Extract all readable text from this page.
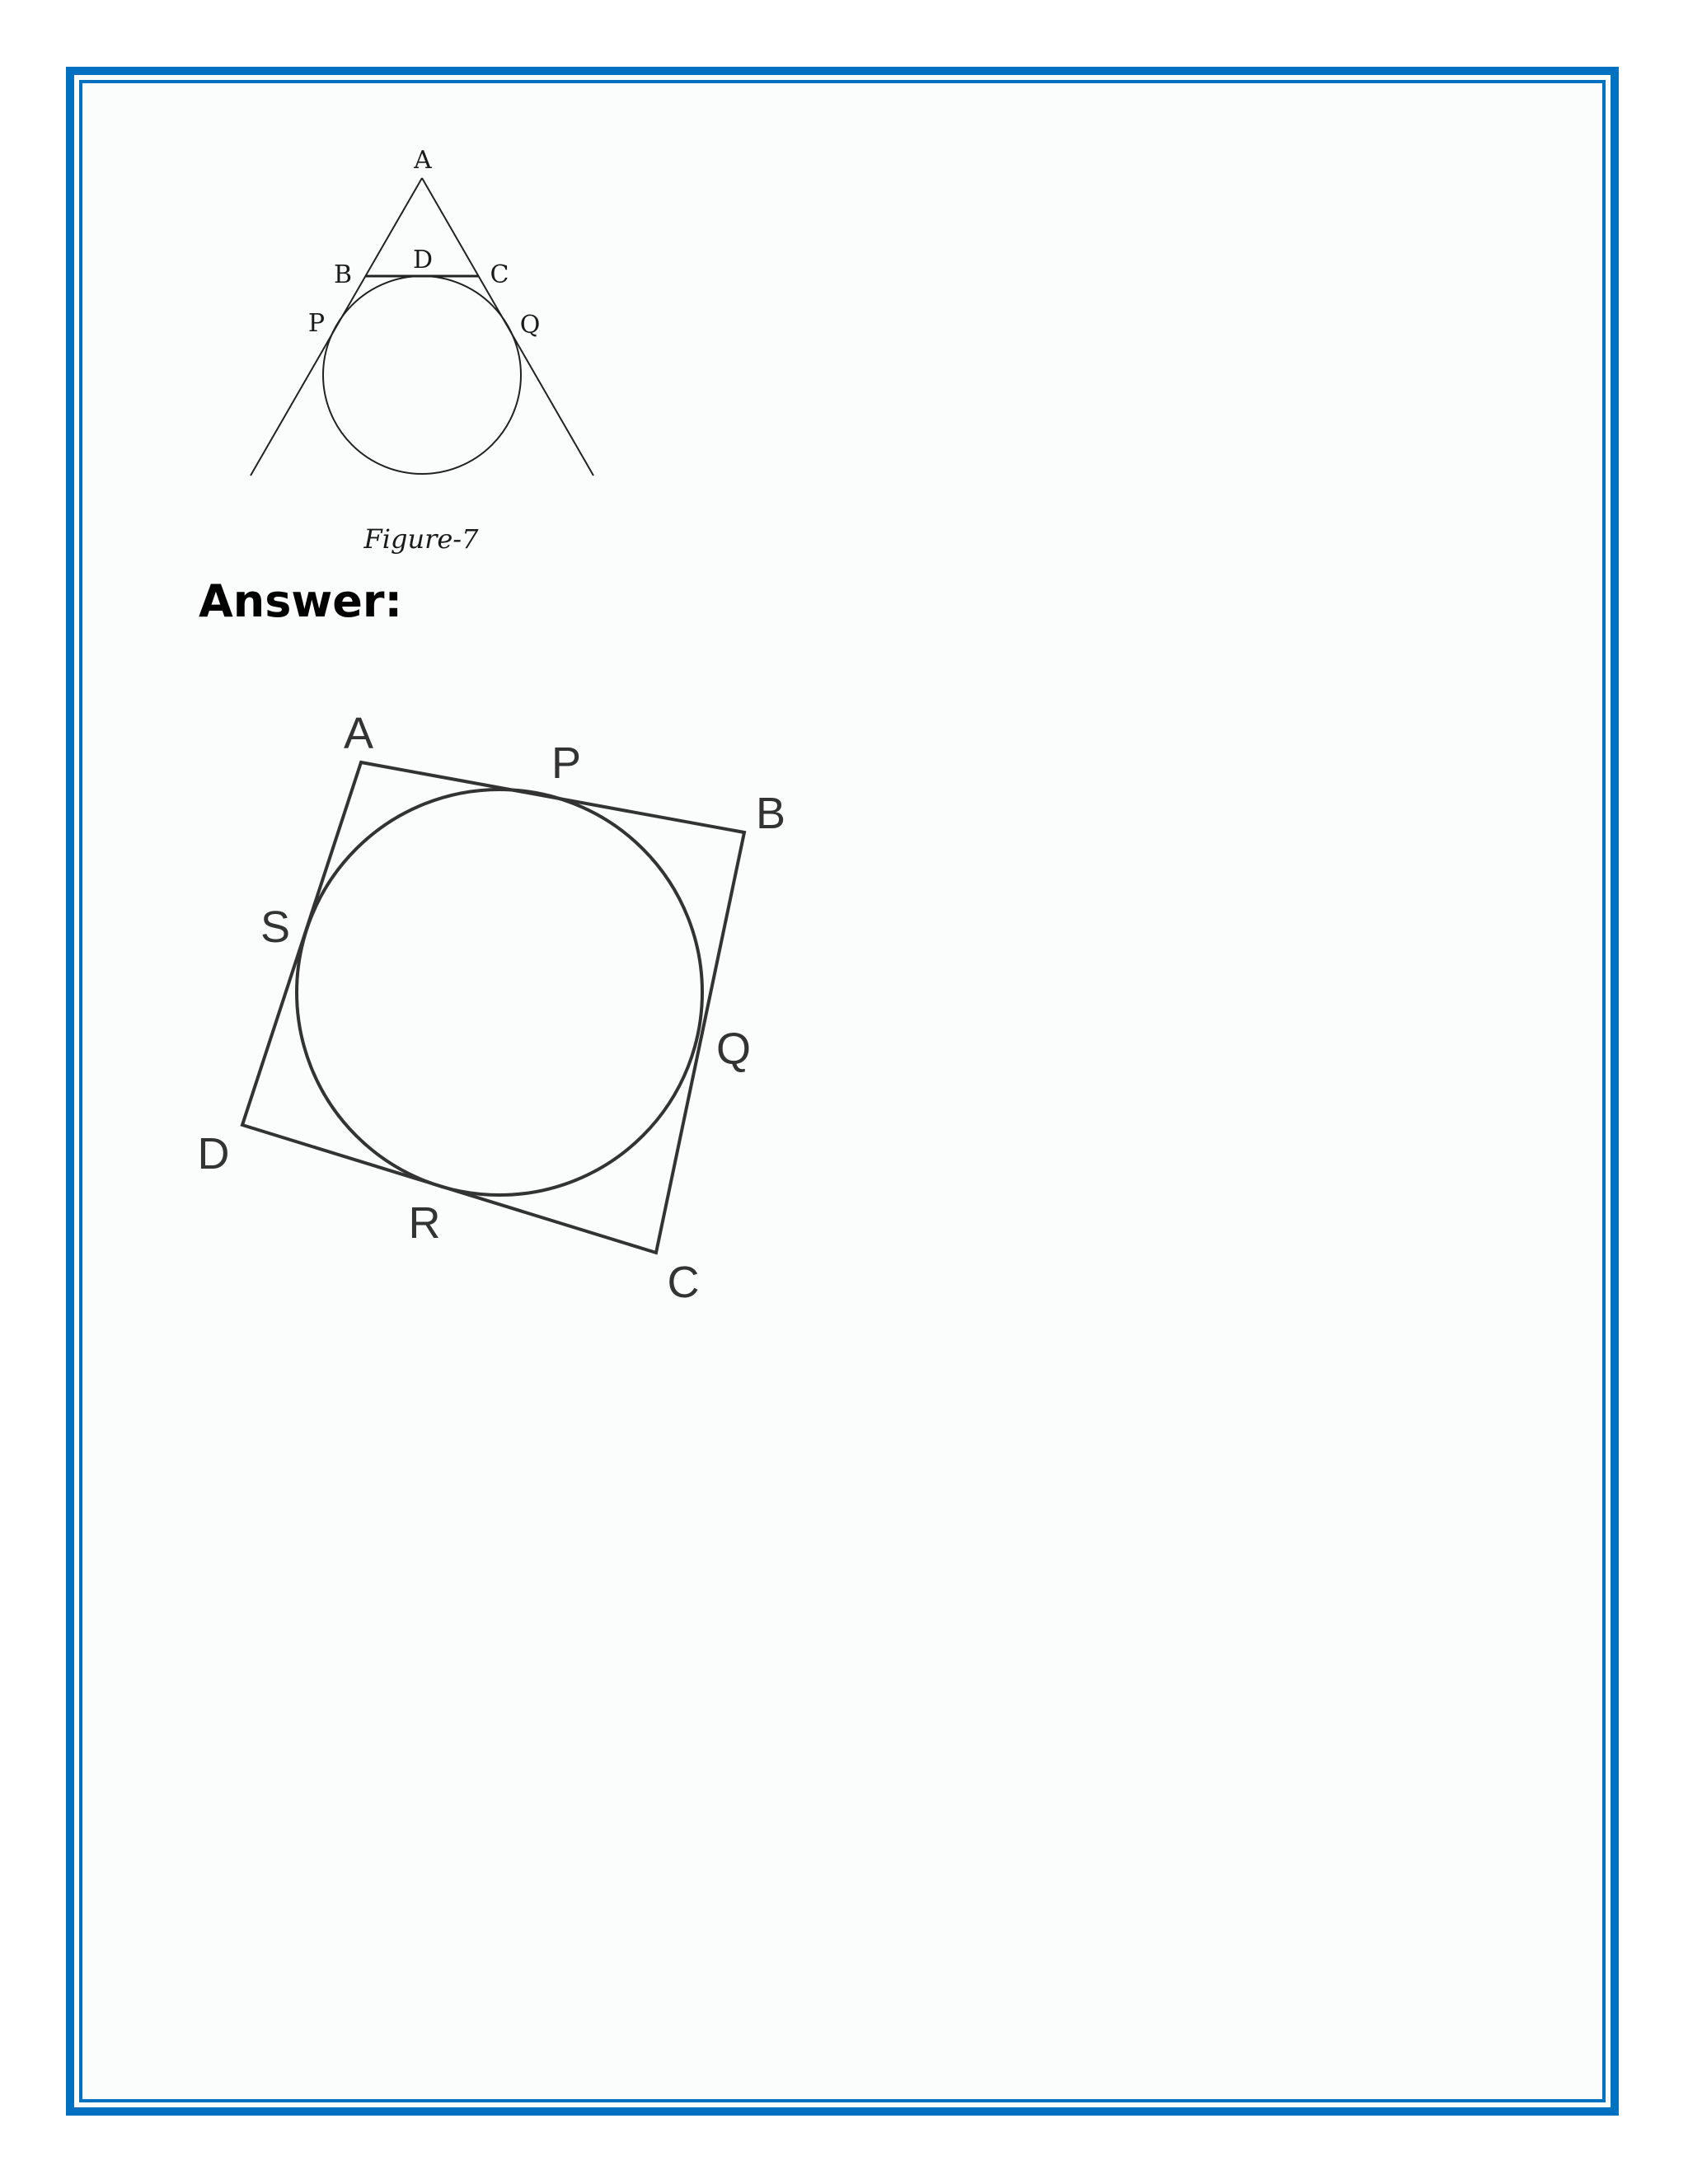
A
B
D
C
P	Q
Figure-7
A
P
B
S
Q
D
R
C
Answer:
